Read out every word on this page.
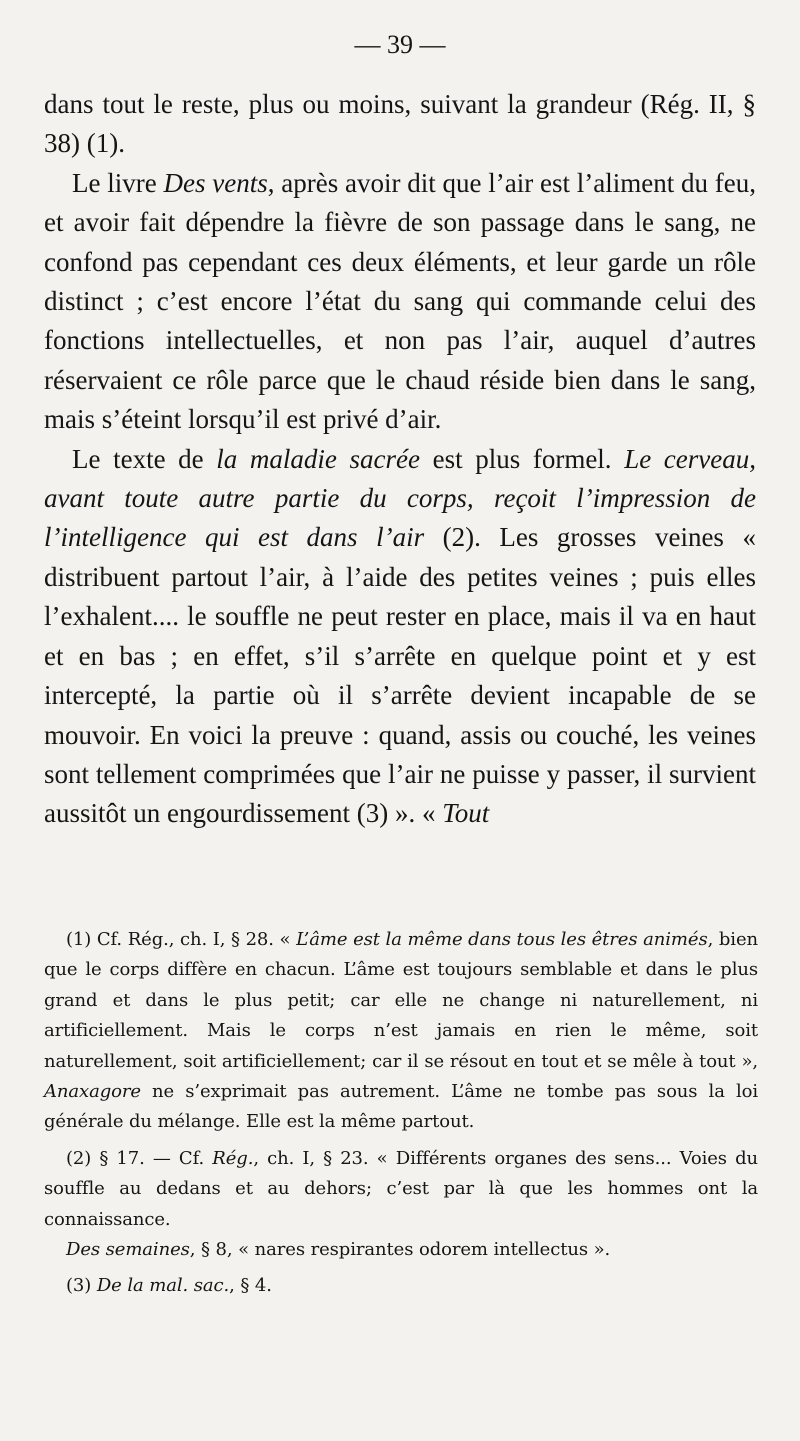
— 39 —

dans tout le reste, plus ou moins, suivant la grandeur (Rég. II, § 38) (1).

Le livre Des vents, après avoir dit que l’air est l’aliment du feu, et avoir fait dépendre la fièvre de son passage dans le sang, ne confond pas cependant ces deux éléments, et leur garde un rôle distinct ; c’est encore l’état du sang qui commande celui des fonctions intellectuelles, et non pas l’air, auquel d’autres réservaient ce rôle parce que le chaud réside bien dans le sang, mais s’éteint lorsqu’il est privé d’air.

Le texte de la maladie sacrée est plus formel. Le cerveau, avant toute autre partie du corps, reçoit l’impression de l’intelligence qui est dans l’air (2). Les grosses veines « distribuent partout l’air, à l’aide des petites veines ; puis elles l’exhalent.... le souffle ne peut rester en place, mais il va en haut et en bas ; en effet, s’il s’arrête en quelque point et y est intercepté, la partie où il s’arrête devient incapable de se mouvoir. En voici la preuve : quand, assis ou couché, les veines sont tellement comprimées que l’air ne puisse y passer, il survient aussitôt un engourdissement (3) ». « Tout

(1) Cf. Rég., ch. I, § 28. « L’âme est la même dans tous les êtres animés, bien que le corps diffère en chacun. L’âme est toujours semblable et dans le plus grand et dans le plus petit; car elle ne change ni naturellement, ni artificiellement. Mais le corps n’est jamais en rien le même, soit naturellement, soit artificiellement; car il se résout en tout et se mêle à tout », Anaxagore ne s’exprimait pas autrement. L’âme ne tombe pas sous la loi générale du mélange. Elle est la même partout.

(2) § 17. — Cf. Rég., ch. I, § 23. « Différents organes des sens... Voies du souffle au dedans et au dehors; c’est par là que les hommes ont la connaissance.

Des semaines, § 8, « nares respirantes odorem intellectus ».

(3) De la mal. sac., § 4.
